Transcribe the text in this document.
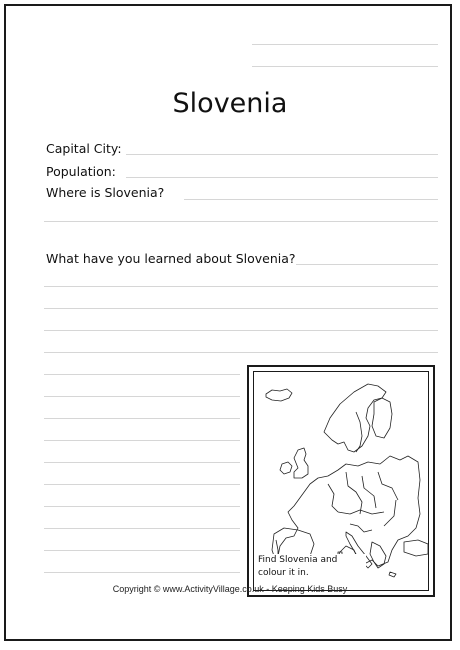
Slovenia
Capital City:
Population:
Where is Slovenia?
What have you learned about Slovenia?
Find Slovenia and
colour it in.
Copyright © www.ActivityVillage.co.uk - Keeping Kids Busy
